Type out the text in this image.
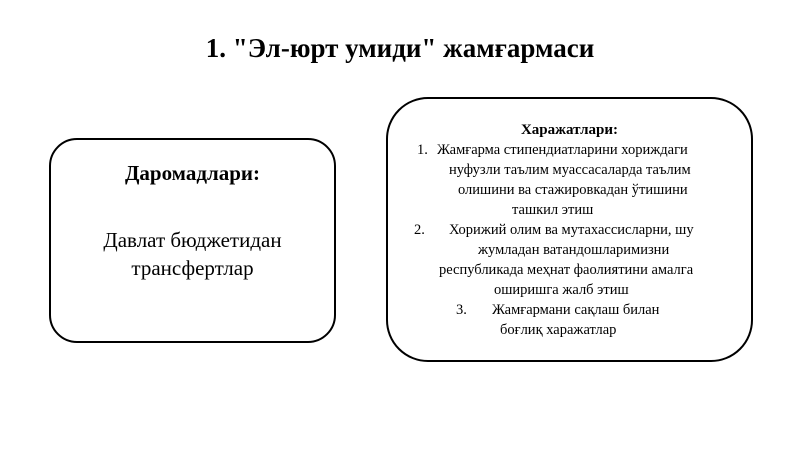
1. "Эл-юрт умиди" жамғармаси
Даромадлари:
Давлат бюджетидан
трансфертлар
Харажатлари:
1. Жамғарма стипендиатларини хориждаги
нуфузли таълим муассасаларда таълим
олишини ва стажировкадан ўтишини
ташкил этиш
2. Хорижий олим ва мутахассисларни, шу
жумладан ватандошларимизни
республикада меҳнат фаолиятини амалга
оширишга жалб этиш
3. Жамғармани сақлаш билан
боғлиқ харажатлар
